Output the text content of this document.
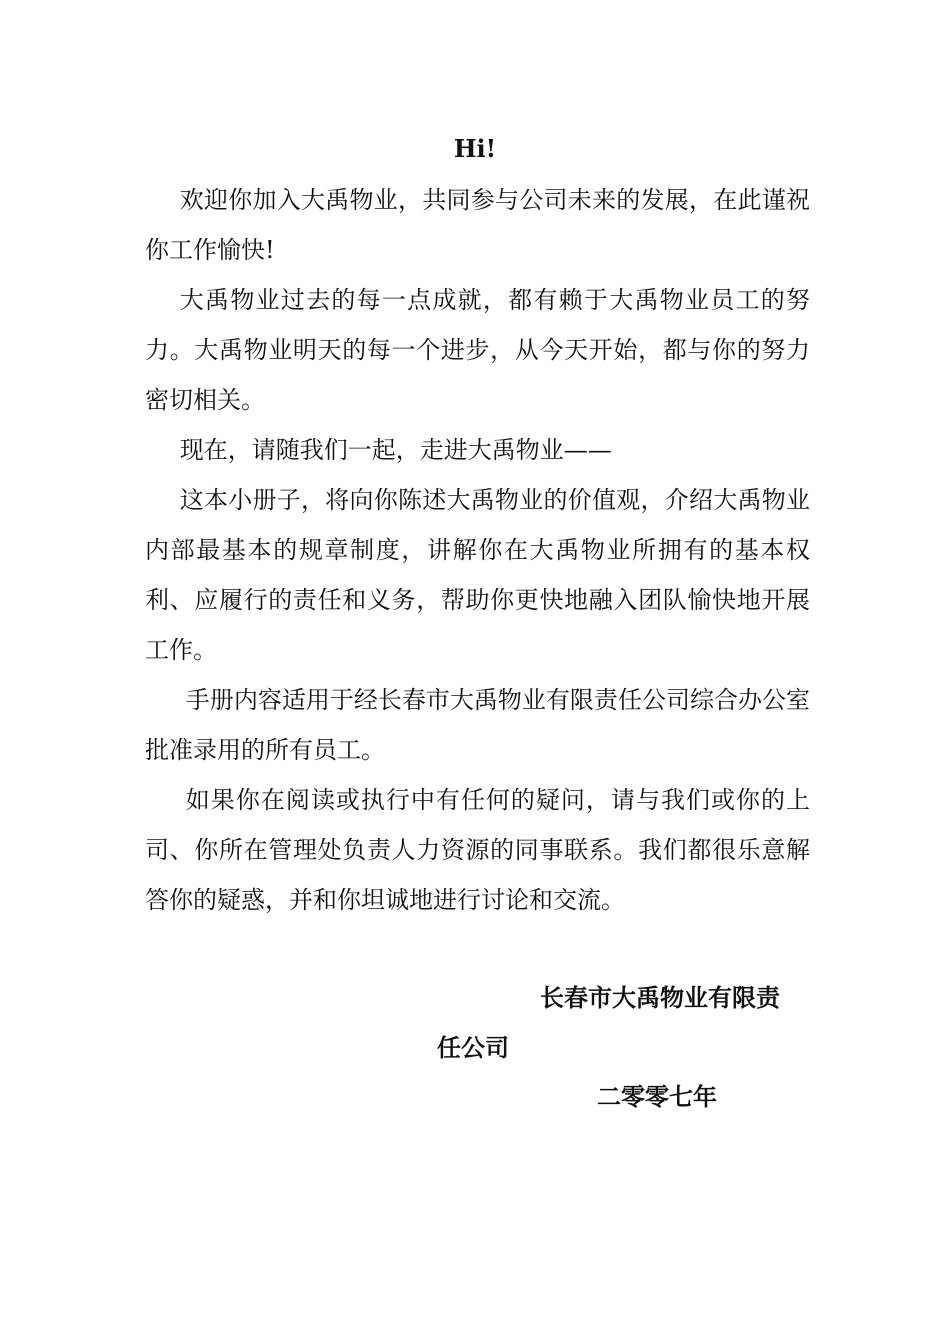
Hi!

欢迎你加入大禹物业，共同参与公司未来的发展，在此谨祝你工作愉快!

大禹物业过去的每一点成就，都有赖于大禹物业员工的努力。大禹物业明天的每一个进步，从今天开始，都与你的努力密切相关。

现在，请随我们一起，走进大禹物业——

这本小册子，将向你陈述大禹物业的价值观，介绍大禹物业内部最基本的规章制度，讲解你在大禹物业所拥有的基本权利、应履行的责任和义务，帮助你更快地融入团队愉快地开展工作。

手册内容适用于经长春市大禹物业有限责任公司综合办公室批准录用的所有员工。

如果你在阅读或执行中有任何的疑问，请与我们或你的上司、你所在管理处负责人力资源的同事联系。我们都很乐意解答你的疑惑，并和你坦诚地进行讨论和交流。

长春市大禹物业有限责
任公司
二零零七年
